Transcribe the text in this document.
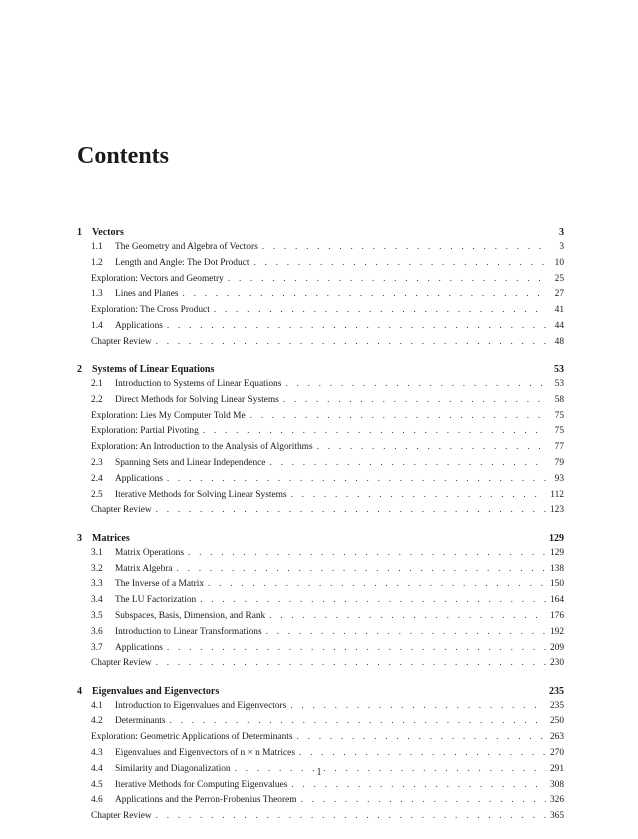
Contents
1	Vectors	3
1.1	The Geometry and Algebra of Vectors . . .	3
1.2	Length and Angle: The Dot Product . . .	10
Exploration: Vectors and Geometry . . .	25
1.3	Lines and Planes . . .	27
Exploration: The Cross Product . . .	41
1.4	Applications . . .	44
Chapter Review . . .	48
2	Systems of Linear Equations	53
2.1	Introduction to Systems of Linear Equations . . .	53
2.2	Direct Methods for Solving Linear Systems . . .	58
Exploration: Lies My Computer Told Me . . .	75
Exploration: Partial Pivoting . . .	75
Exploration: An Introduction to the Analysis of Algorithms . . .	77
2.3	Spanning Sets and Linear Independence . . .	79
2.4	Applications . . .	93
2.5	Iterative Methods for Solving Linear Systems . . .	112
Chapter Review . . .	123
3	Matrices	129
3.1	Matrix Operations . . .	129
3.2	Matrix Algebra . . .	138
3.3	The Inverse of a Matrix . . .	150
3.4	The LU Factorization . . .	164
3.5	Subspaces, Basis, Dimension, and Rank . . .	176
3.6	Introduction to Linear Transformations . . .	192
3.7	Applications . . .	209
Chapter Review . . .	230
4	Eigenvalues and Eigenvectors	235
4.1	Introduction to Eigenvalues and Eigenvectors . . .	235
4.2	Determinants . . .	250
Exploration: Geometric Applications of Determinants . . .	263
4.3	Eigenvalues and Eigenvectors of n × n Matrices . . .	270
4.4	Similarity and Diagonalization . . .	291
4.5	Iterative Methods for Computing Eigenvalues . . .	308
4.6	Applications and the Perron-Frobenius Theorem . . .	326
Chapter Review . . .	365
1
